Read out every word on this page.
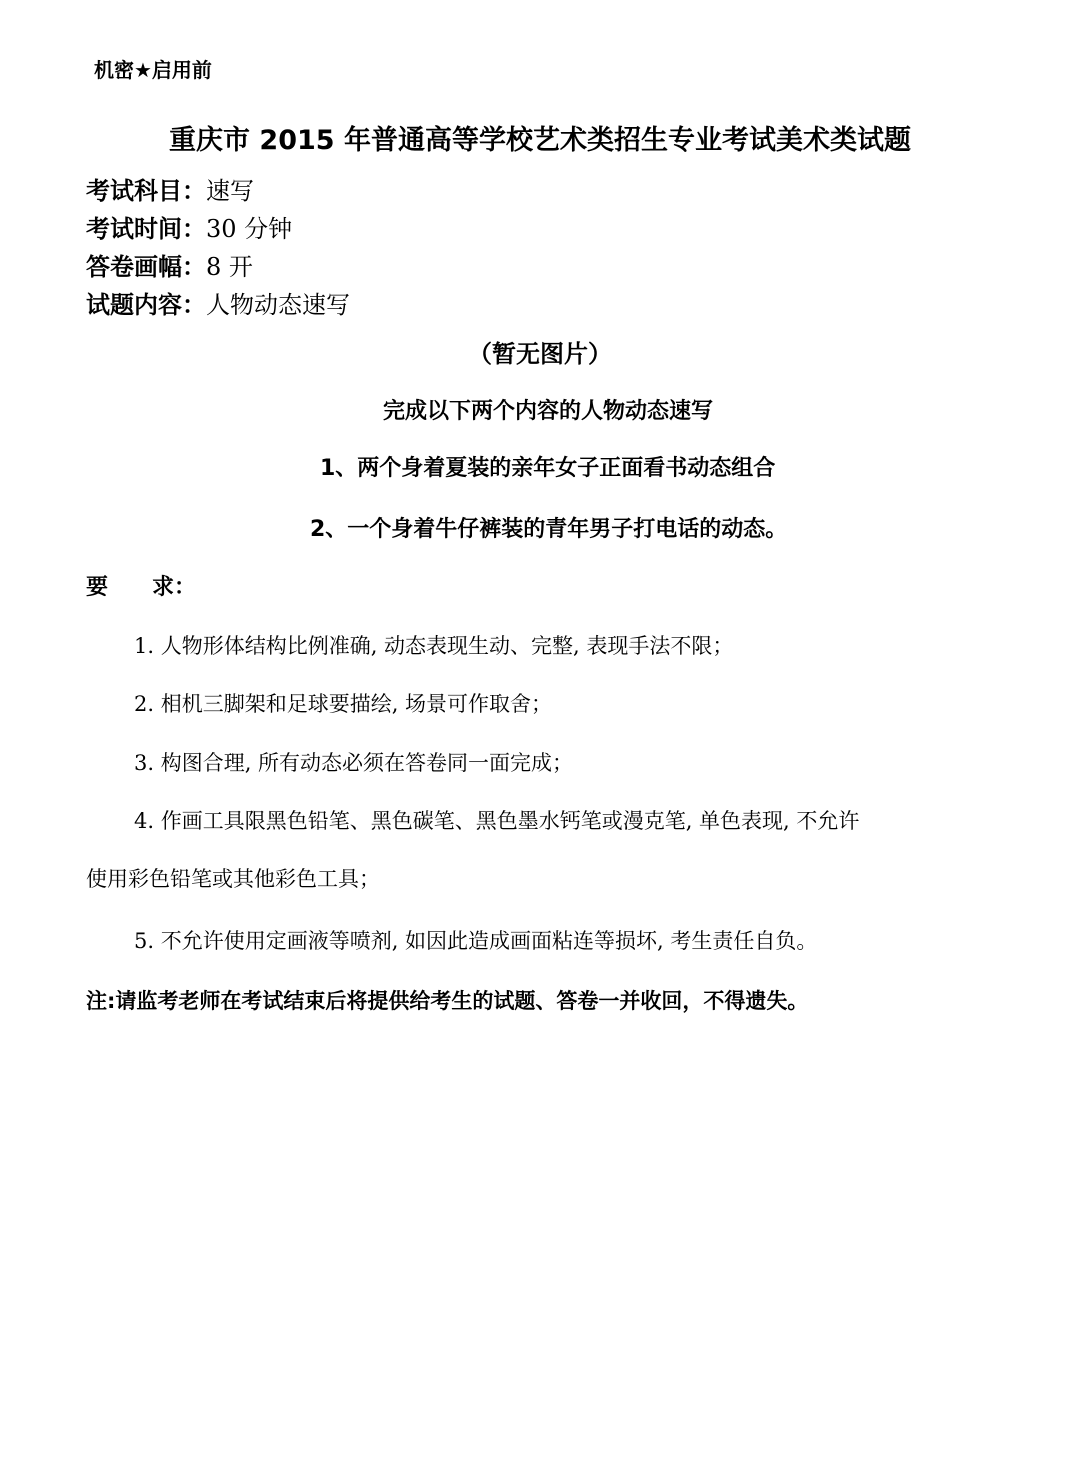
机密★启用前
重庆市 2015 年普通高等学校艺术类招生专业考试美术类试题
考试科目：速写
考试时间：30 分钟
答卷画幅：8 开
试题内容：人物动态速写
（暂无图片）
完成以下两个内容的人物动态速写
1、两个身着夏装的亲年女子正面看书动态组合
2、一个身着牛仔裤装的青年男子打电话的动态。
要 求：
1. 人物形体结构比例准确, 动态表现生动、完整, 表现手法不限；
2. 相机三脚架和足球要描绘, 场景可作取舍；
3. 构图合理, 所有动态必须在答卷同一面完成；
4. 作画工具限黑色铅笔、黑色碳笔、黑色墨水钙笔或漫克笔, 单色表现, 不允许
使用彩色铅笔或其他彩色工具；
5. 不允许使用定画液等喷剂, 如因此造成画面粘连等损坏, 考生责任自负。
注:请监考老师在考试结束后将提供给考生的试题、答卷一并收回，不得遗失。
